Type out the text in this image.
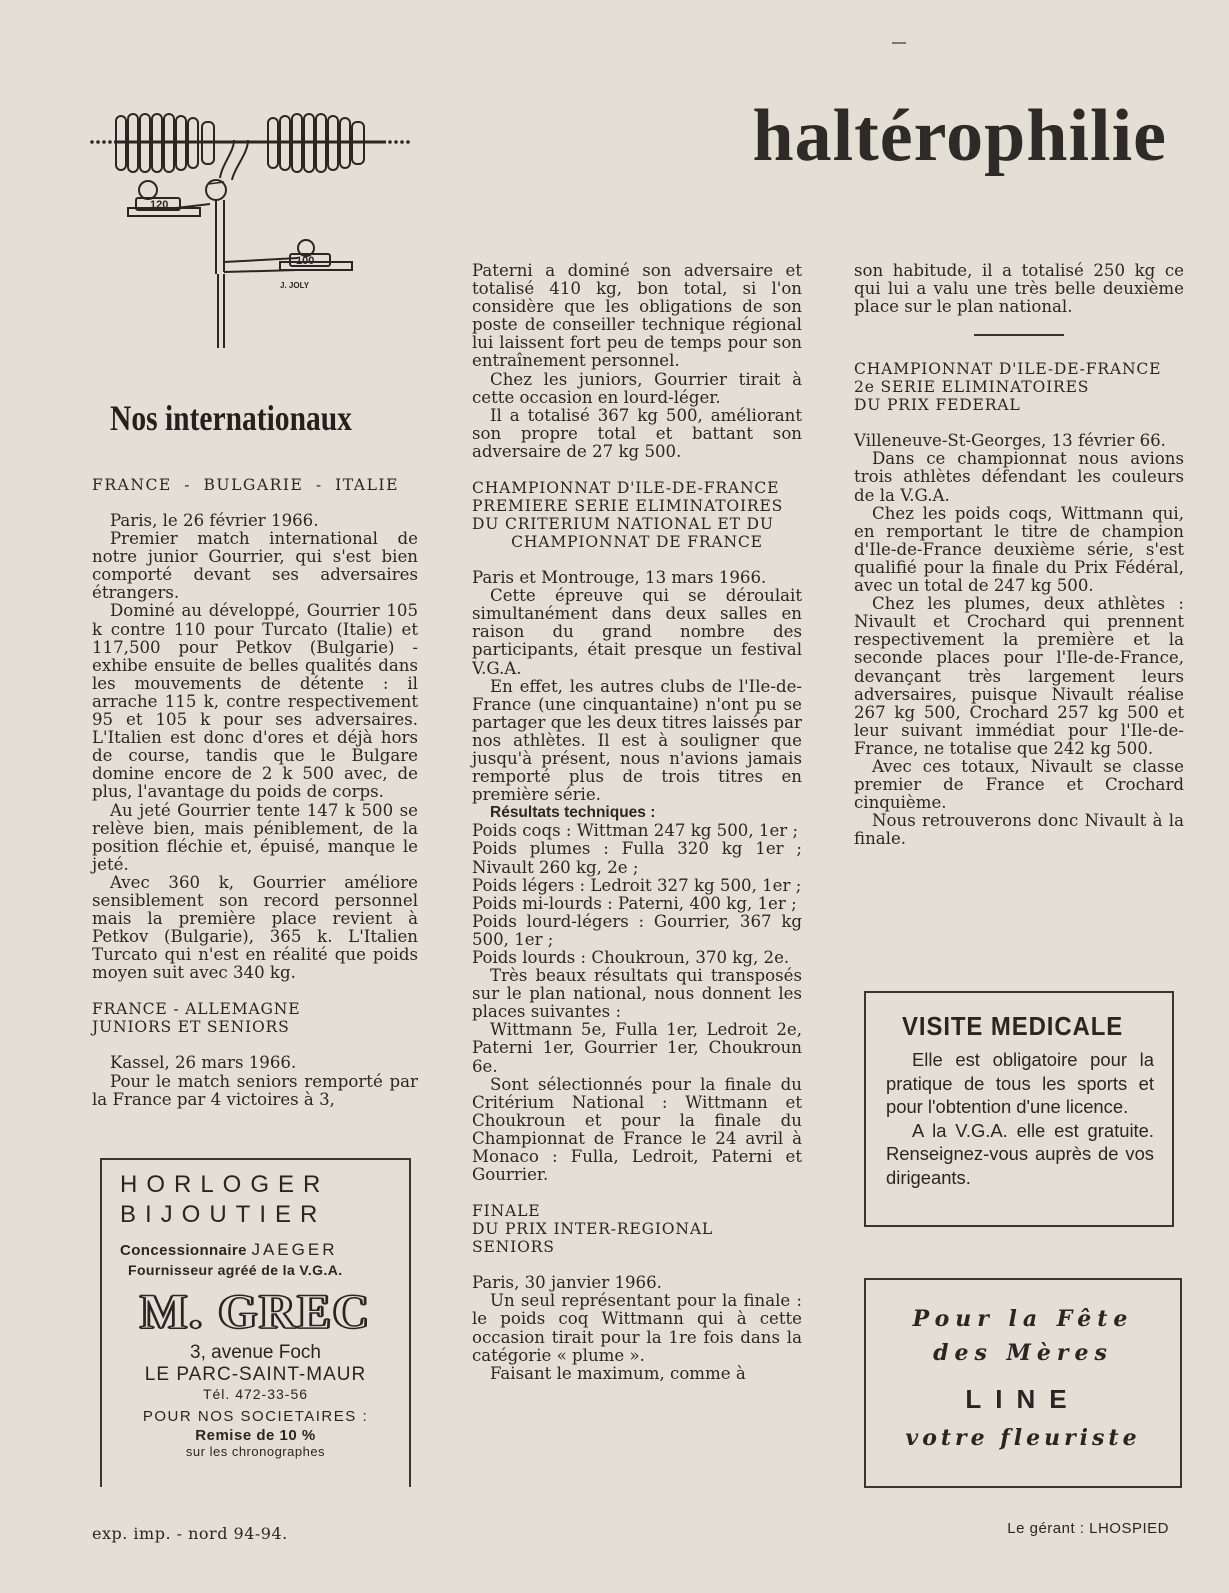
haltérophilie
120
100
J. JOLY
Nos internationaux

FRANCE - BULGARIE - ITALIE

Paris, le 26 février 1966.

Premier match international de notre junior Gourrier, qui s'est bien comporté devant ses adversaires étrangers.

Dominé au développé, Gourrier 105 k contre 110 pour Turcato (Italie) et 117,500 pour Petkov (Bulgarie) - exhibe ensuite de belles qualités dans les mouvements de détente : il arrache 115 k, contre respectivement 95 et 105 k pour ses adversaires. L'Italien est donc d'ores et déjà hors de course, tandis que le Bulgare domine encore de 2 k 500 avec, de plus, l'avantage du poids de corps.

Au jeté Gourrier tente 147 k 500 se relève bien, mais péniblement, de la position fléchie et, épuisé, manque le jeté.

Avec 360 k, Gourrier améliore sensiblement son record personnel mais la première place revient à Petkov (Bulgarie), 365 k. L'Italien Turcato qui n'est en réalité que poids moyen suit avec 340 kg.

FRANCE - ALLEMAGNE
JUNIORS ET SENIORS

Kassel, 26 mars 1966.

Pour le match seniors remporté par la France par 4 victoires à 3,

Paterni a dominé son adversaire et totalisé 410 kg, bon total, si l'on considère que les obligations de son poste de conseiller technique régional lui laissent fort peu de temps pour son entraînement personnel.

Chez les juniors, Gourrier tirait à cette occasion en lourd-léger.

Il a totalisé 367 kg 500, améliorant son propre total et battant son adversaire de 27 kg 500.

CHAMPIONNAT D'ILE-DE-FRANCE
PREMIERE SERIE ELIMINATOIRES
DU CRITERIUM NATIONAL ET DU
CHAMPIONNAT DE FRANCE

Paris et Montrouge, 13 mars 1966.

Cette épreuve qui se déroulait simultanément dans deux salles en raison du grand nombre des participants, était presque un festival V.G.A.

En effet, les autres clubs de l'Ile-de-France (une cinquantaine) n'ont pu se partager que les deux titres laissés par nos athlètes. Il est à souligner que jusqu'à présent, nous n'avions jamais remporté plus de trois titres en première série.

Résultats techniques :

Poids coqs : Wittman 247 kg 500, 1er ;

Poids plumes : Fulla 320 kg 1er ; Nivault 260 kg, 2e ;

Poids légers : Ledroit 327 kg 500, 1er ;

Poids mi-lourds : Paterni, 400 kg, 1er ;

Poids lourd-légers : Gourrier, 367 kg 500, 1er ;

Poids lourds : Choukroun, 370 kg, 2e.

Très beaux résultats qui transposés sur le plan national, nous donnent les places suivantes :

Wittmann 5e, Fulla 1er, Ledroit 2e, Paterni 1er, Gourrier 1er, Choukroun 6e.

Sont sélectionnés pour la finale du Critérium National : Wittmann et Choukroun et pour la finale du Championnat de France le 24 avril à Monaco : Fulla, Ledroit, Paterni et Gourrier.

FINALE
DU PRIX INTER-REGIONAL
SENIORS

Paris, 30 janvier 1966.

Un seul représentant pour la finale : le poids coq Wittmann qui à cette occasion tirait pour la 1re fois dans la catégorie « plume ».

Faisant le maximum, comme à

son habitude, il a totalisé 250 kg ce qui lui a valu une très belle deuxième place sur le plan national.

CHAMPIONNAT D'ILE-DE-FRANCE
2e SERIE ELIMINATOIRES
DU PRIX FEDERAL

Villeneuve-St-Georges, 13 février 66.

Dans ce championnat nous avions trois athlètes défendant les couleurs de la V.G.A.

Chez les poids coqs, Wittmann qui, en remportant le titre de champion d'Ile-de-France deuxième série, s'est qualifié pour la finale du Prix Fédéral, avec un total de 247 kg 500.

Chez les plumes, deux athlètes : Nivault et Crochard qui prennent respectivement la première et la seconde places pour l'Ile-de-France, devançant très largement leurs adversaires, puisque Nivault réalise 267 kg 500, Crochard 257 kg 500 et leur suivant immédiat pour l'Ile-de-France, ne totalise que 242 kg 500.

Avec ces totaux, Nivault se classe premier de France et Crochard cinquième.

Nous retrouverons donc Nivault à la finale.

HORLOGER
BIJOUTIER
Concessionnaire JAEGER
Fournisseur agréé de la V.G.A.
M. GREC
3, avenue Foch
LE PARC-SAINT-MAUR
Tél. 472-33-56
POUR NOS SOCIETAIRES :
Remise de 10 %
sur les chronographes
VISITE MEDICALE

Elle est obligatoire pour la pratique de tous les sports et pour l'obtention d'une licence.

A la V.G.A. elle est gratuite. Renseignez-vous auprès de vos dirigeants.

Pour la Fête
des Mères
LINE
votre fleuriste
exp. imp. - nord 94-94.	Le gérant : LHOSPIED
